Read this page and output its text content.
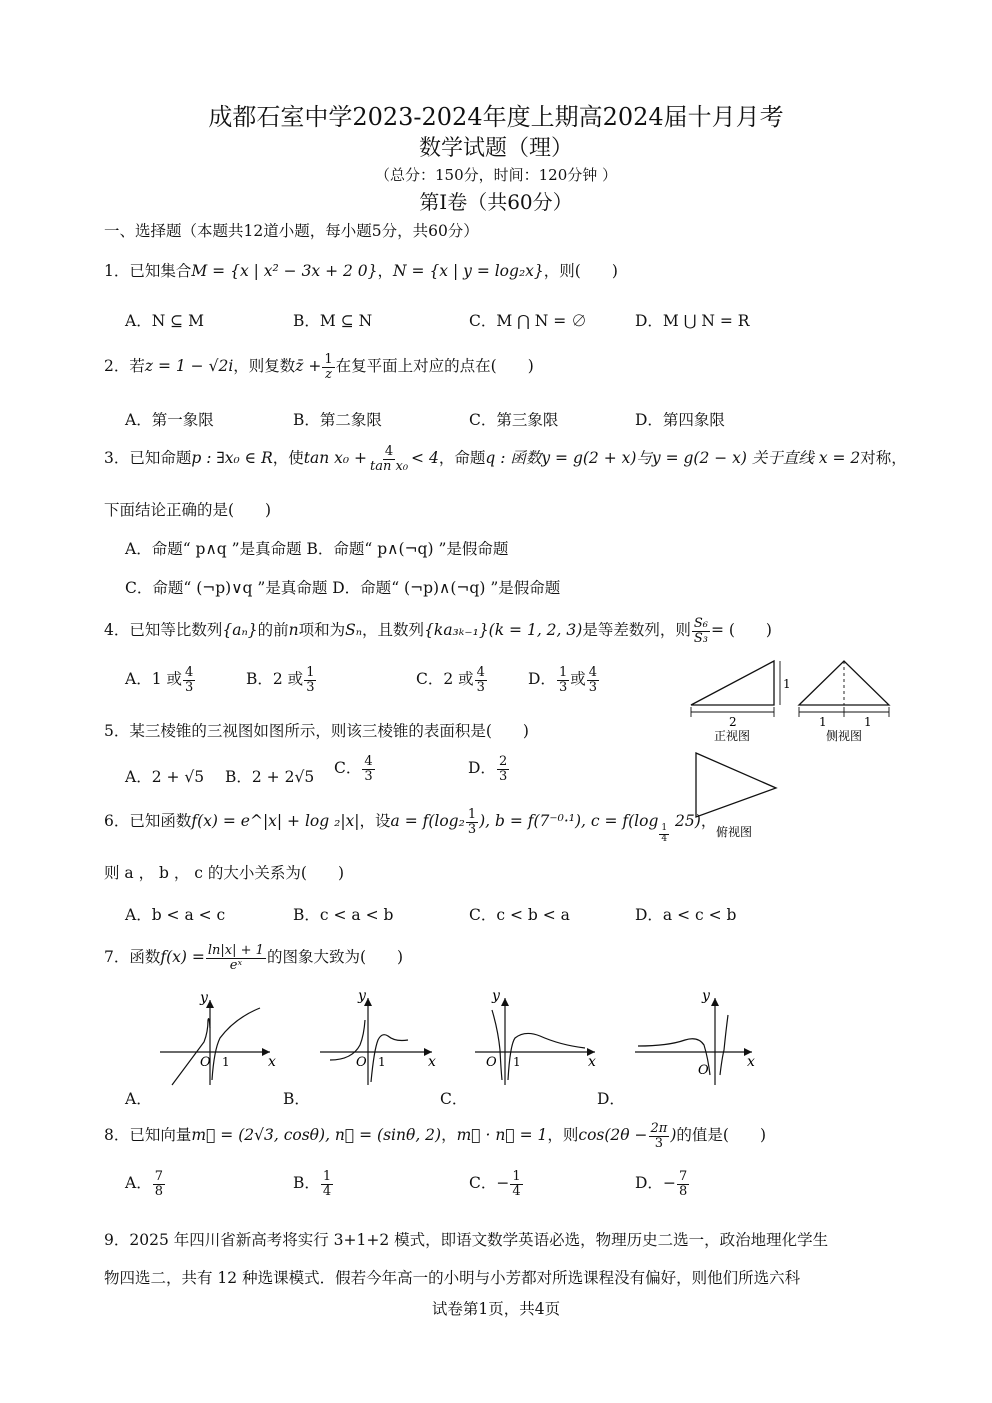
成都石室中学2023-2024年度上期高2024届十月月考
数学试题（理）
（总分：150分，时间：120分钟 ）
第Ⅰ卷（共60分）
一、选择题（本题共12道小题，每小题5分，共60分）
1．已知集合M = {x | x² − 3x + 2 0}，N = {x | y = log₂x}，则(　　)
A．N ⊆ M	B．M ⊆ N	C．M ⋂ N = ∅	D．M ⋃ N = R
2．若z = 1 − √2i，则复数z̄ + $\frac{1}{z}$ 在复平面上对应的点在(　　)
A．第一象限	B．第二象限	C．第三象限	D．第四象限
3．已知命题p : ∃x₀ ∈ R，使$\tan x_0 + \frac{4}{\text{tan x₀}} < 4$，命题q : 函数y = g(2 + x)与y = g(2 − x) 关于直线 x = 2对称，
下面结论正确的是(　　)
A．命题“ p∧q ”是真命题 B．命题“ p∧(¬q) ”是假命题
C．命题“ (¬p)∨q ”是真命题 D．命题“ (¬p)∧(¬q) ”是假命题
4．已知等比数列{aₙ}的前n项和为Sₙ，且数列{ka₃ₖ₋₁}(k = 1, 2, 3)是等差数列，则 $\frac{\text{S₆}}{\text{S₃}}$ = (　　)
A．1 或 $\frac{4}{3}$	B．2 或 $\frac{1}{3}$	C．2 或 $\frac{4}{3}$	D． $\frac{1}{3}$ 或 $\frac{4}{3}$	1
2
正视图
1	1
侧视图
俯视图
5．某三棱锥的三视图如图所示，则该三棱锥的表面积是(　　)
A．2 + √5 B．2 + 2√5 C． $\frac{4}{3}$	D． $\frac{2}{3}$
6．已知函数f(x) = e^|x| + log ₂|x|，设$a = f(\log_2 \frac{1}{3}$ ), b = f(7⁻⁰·¹), c = f(log
$\frac{1}{4}$
25)，
则 a ， b ， c 的大小关系为(　　)
A．b < a < c	B．c < a < b	C．c < b < a	D．a < c < b
7．函数$f(x) = \frac{\ln|x| + 1}{\text{eˣ}}$ 的图象大致为(　　)
y
x
O 1
y
x
O 1
y
x
O 1
y
x
O
A．	B．	C．	D．
8．已知向量m⃗ = (2√3, cosθ), n⃗ = (sinθ, 2)，m⃗ · n⃗ = 1，则$\cos(2\theta - \frac{2\pi}{3}$ )的值是(　　)
A． $\frac{7}{8}$	B． $\frac{1}{4}$	C．− $\frac{1}{4}$	D．− $\frac{7}{8}$
9．2025 年四川省新高考将实行 3+1+2 模式，即语文数学英语必选，物理历史二选一，政治地理化学生
物四选二，共有 12 种选课模式．假若今年高一的小明与小芳都对所选课程没有偏好，则他们所选六科
试卷第1页，共4页
